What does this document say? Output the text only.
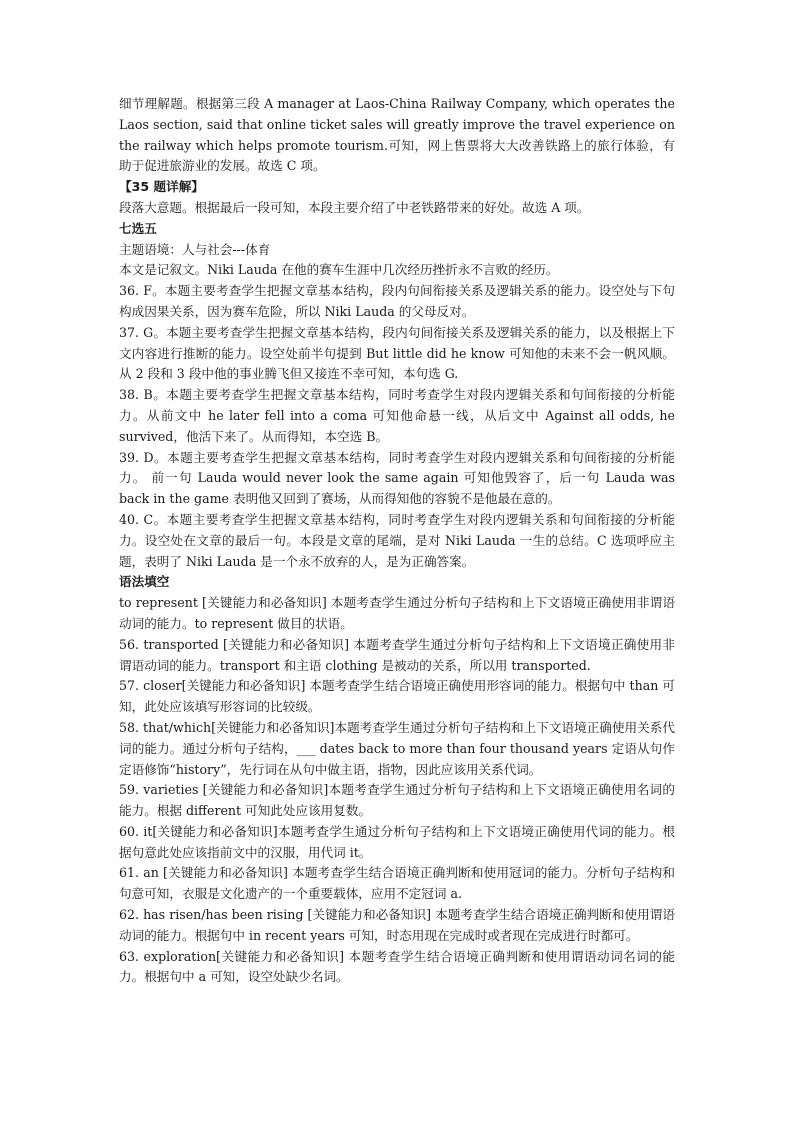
细节理解题。根据第三段 A manager at Laos-China Railway Company, which operates the Laos section, said that online ticket sales will greatly improve the travel experience on the railway which helps promote tourism.可知，网上售票将大大改善铁路上的旅行体验，有助于促进旅游业的发展。故选 C 项。

【35 题详解】

段落大意题。根据最后一段可知，本段主要介绍了中老铁路带来的好处。故选 A 项。

七选五

主题语境：人与社会---体育

本文是记叙文。Niki Lauda 在他的赛车生涯中几次经历挫折永不言败的经历。

36. F。本题主要考查学生把握文章基本结构，段内句间衔接关系及逻辑关系的能力。设空处与下句构成因果关系，因为赛车危险，所以 Niki Lauda 的父母反对。

37. G。本题主要考查学生把握文章基本结构，段内句间衔接关系及逻辑关系的能力，以及根据上下文内容进行推断的能力。设空处前半句提到 But little did he know 可知他的未来不会一帆风顺。从 2 段和 3 段中他的事业腾飞但又接连不幸可知，本句选 G.

38. B。本题主要考查学生把握文章基本结构，同时考查学生对段内逻辑关系和句间衔接的分析能力。从前文中 he later fell into a coma 可知他命悬一线，从后文中 Against all odds, he survived，他活下来了。从而得知，本空选 B。

39. D。本题主要考查学生把握文章基本结构，同时考查学生对段内逻辑关系和句间衔接的分析能力。 前一句 Lauda would never look the same again 可知他毁容了，后一句 Lauda was back in the game 表明他又回到了赛场，从而得知他的容貌不是他最在意的。

40. C。本题主要考查学生把握文章基本结构，同时考查学生对段内逻辑关系和句间衔接的分析能力。设空处在文章的最后一句。本段是文章的尾端，是对 Niki Lauda 一生的总结。C 选项呼应主题，表明了 Niki Lauda 是一个永不放弃的人，是为正确答案。

语法填空

to represent [关键能力和必备知识] 本题考查学生通过分析句子结构和上下文语境正确使用非谓语动词的能力。to represent 做目的状语。

56. transported [关键能力和必备知识] 本题考查学生通过分析句子结构和上下文语境正确使用非谓语动词的能力。transport 和主语 clothing 是被动的关系，所以用 transported.

57. closer[关键能力和必备知识] 本题考查学生结合语境正确使用形容词的能力。根据句中 than 可知，此处应该填写形容词的比较级。

58. that/which[关键能力和必备知识]本题考查学生通过分析句子结构和上下文语境正确使用关系代词的能力。通过分析句子结构，___ dates back to more than four thousand years 定语从句作定语修饰“history”，先行词在从句中做主语，指物，因此应该用关系代词。

59. varieties [关键能力和必备知识]本题考查学生通过分析句子结构和上下文语境正确使用名词的能力。根据 different 可知此处应该用复数。

60. it[关键能力和必备知识]本题考查学生通过分析句子结构和上下文语境正确使用代词的能力。根据句意此处应该指前文中的汉服，用代词 it。

61. an [关键能力和必备知识] 本题考查学生结合语境正确判断和使用冠词的能力。分析句子结构和句意可知，衣服是文化遗产的一个重要载体，应用不定冠词 a.

62. has risen/has been rising [关键能力和必备知识] 本题考查学生结合语境正确判断和使用谓语动词的能力。根据句中 in recent years 可知，时态用现在完成时或者现在完成进行时都可。

63. exploration[关键能力和必备知识] 本题考查学生结合语境正确判断和使用谓语动词名词的能力。根据句中 a 可知，设空处缺少名词。
